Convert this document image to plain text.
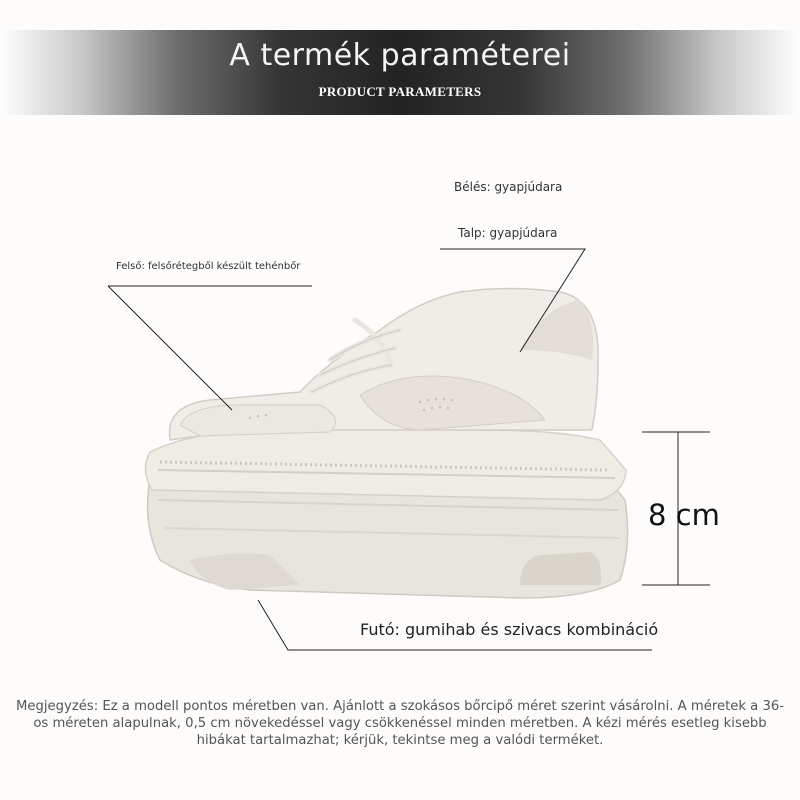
A termék paraméterei
PRODUCT PARAMETERS
Bélés: gyapjúdara
Talp: gyapjúdara
Felső: felsőrétegből készült tehénbőr
Futó: gumihab és szivacs kombináció
8 cm
Megjegyzés: Ez a modell pontos méretben van. Ajánlott a szokásos bőrcipő méret szerint vásárolni. A méretek a 36-os méreten alapulnak, 0,5 cm növekedéssel vagy csökkenéssel minden méretben. A kézi mérés esetleg kisebb hibákat tartalmazhat; kérjük, tekintse meg a valódi terméket.
